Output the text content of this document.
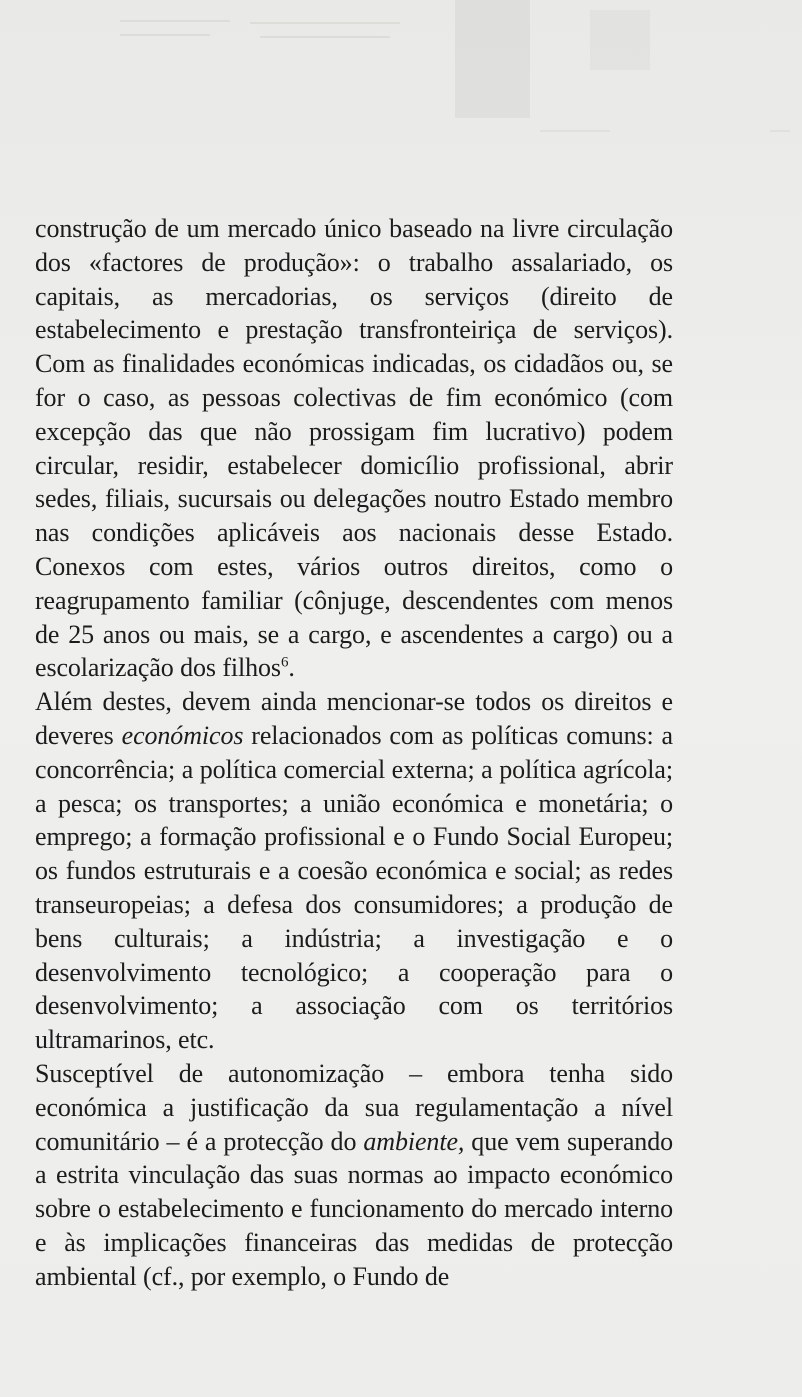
construção de um mercado único baseado na livre circulação dos «factores de produção»: o trabalho assalariado, os capitais, as mercadorias, os serviços (direito de estabelecimento e prestação transfronteiriça de serviços). Com as finalidades económicas indicadas, os cidadãos ou, se for o caso, as pessoas colectivas de fim económico (com excepção das que não prossigam fim lucrativo) podem circular, residir, estabelecer domicílio profissional, abrir sedes, filiais, sucursais ou delegações noutro Estado membro nas condições aplicáveis aos nacionais desse Estado. Conexos com estes, vários outros direitos, como o reagrupamento familiar (cônjuge, descendentes com menos de 25 anos ou mais, se a cargo, e ascendentes a cargo) ou a escolarização dos filhos$^6$.

Além destes, devem ainda mencionar-se todos os direitos e deveres económicos relacionados com as políticas comuns: a concorrência; a política comercial externa; a política agrícola; a pesca; os transportes; a união económica e monetária; o emprego; a formação profissional e o Fundo Social Europeu; os fundos estruturais e a coesão económica e social; as redes transeuropeias; a defesa dos consumidores; a produção de bens culturais; a indústria; a investigação e o desenvolvimento tecnológico; a cooperação para o desenvolvimento; a associação com os territórios ultramarinos, etc.

Susceptível de autonomização – embora tenha sido económica a justificação da sua regulamentação a nível comunitário – é a protecção do ambiente, que vem superando a estrita vinculação das suas normas ao impacto económico sobre o estabelecimento e funcionamento do mercado interno e às implicações financeiras das medidas de protecção ambiental (cf., por exemplo, o Fundo de
